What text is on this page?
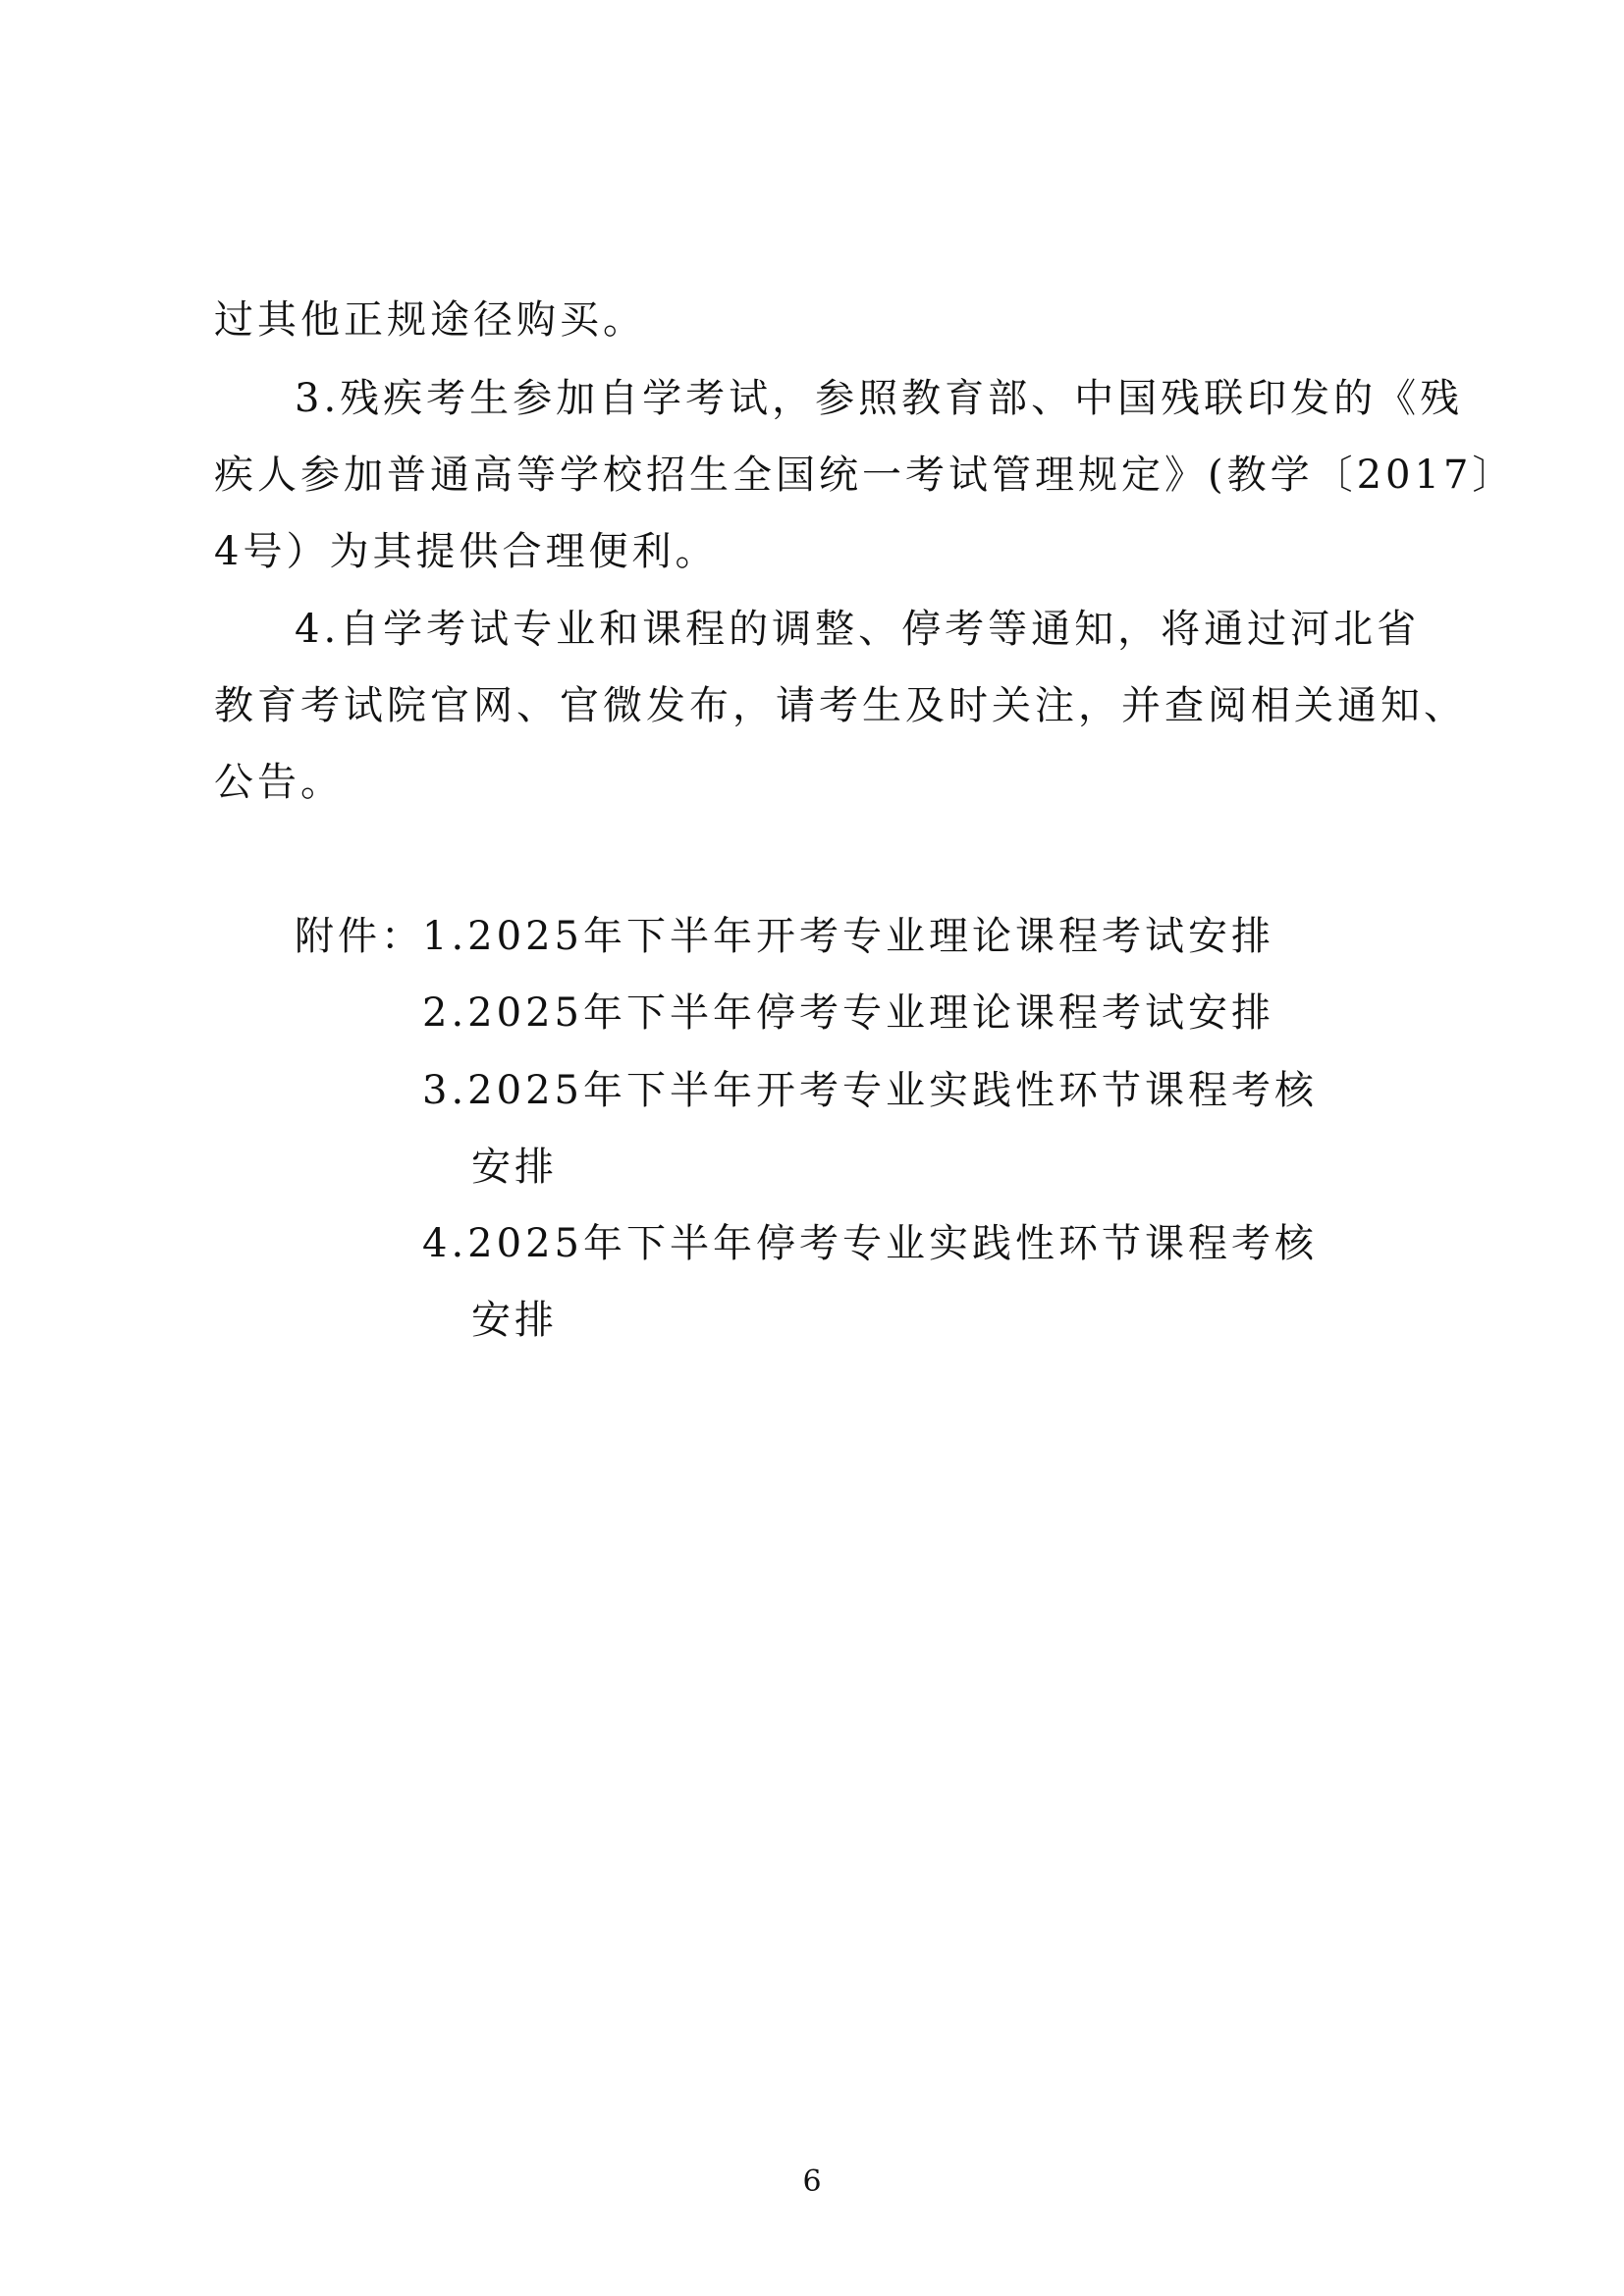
过其他正规途径购买。
3.残疾考生参加自学考试，参照教育部、中国残联印发的《残
疾人参加普通高等学校招生全国统一考试管理规定》(教学〔2017〕
4号）为其提供合理便利。
4.自学考试专业和课程的调整、停考等通知，将通过河北省
教育考试院官网、官微发布，请考生及时关注，并查阅相关通知、
公告。
附件：
1.2025年下半年开考专业理论课程考试安排
2.2025年下半年停考专业理论课程考试安排
3.2025年下半年开考专业实践性环节课程考核
安排
4.2025年下半年停考专业实践性环节课程考核
安排
6
